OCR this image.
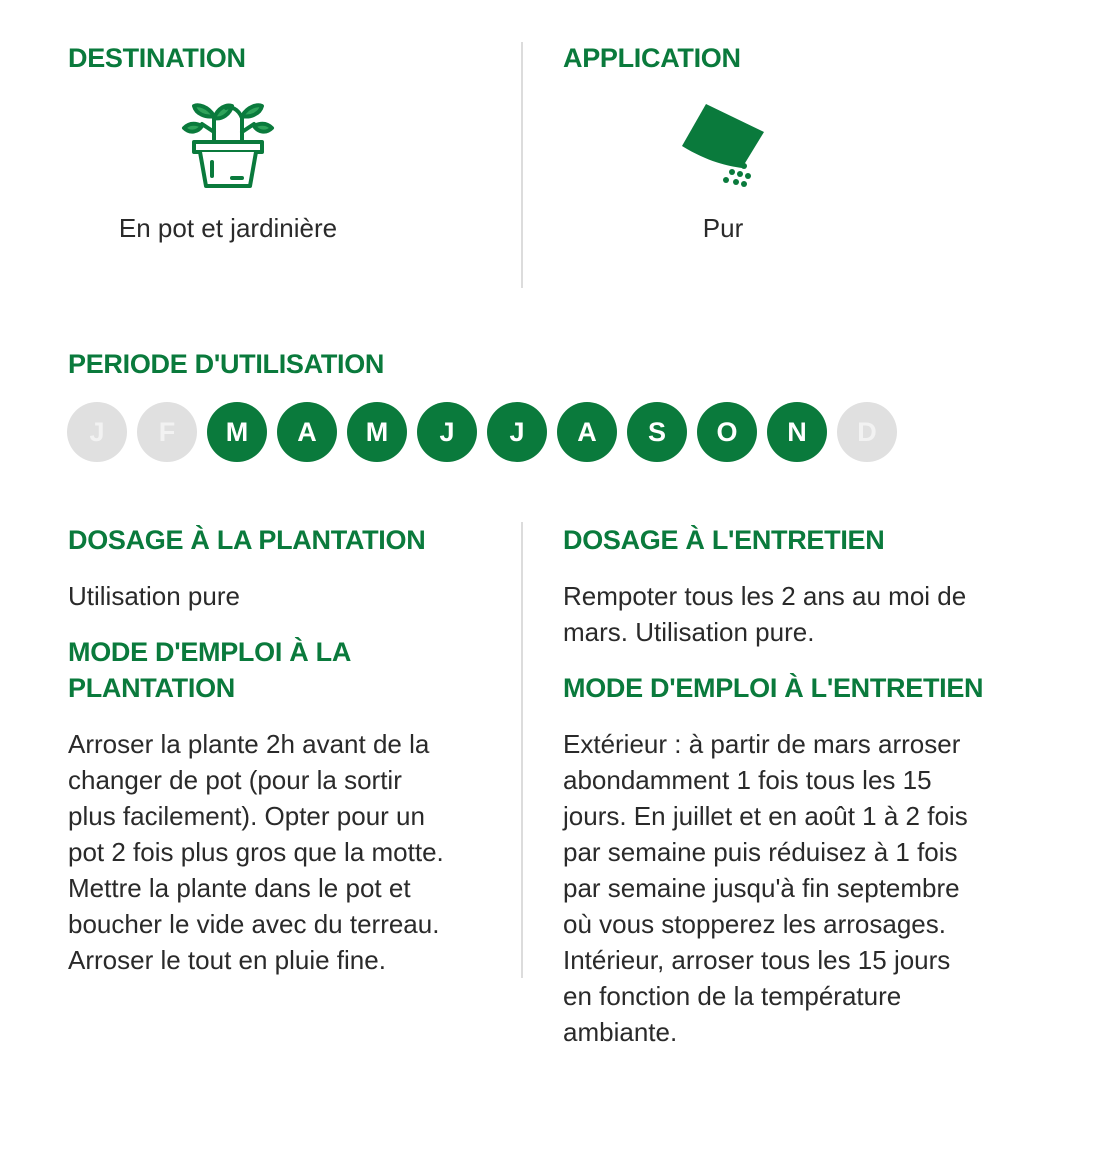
DESTINATION
En pot et jardinière
APPLICATION
Pur
PERIODE D'UTILISATION
J	F	M	A	M	J	J	A	S	O	N	D
DOSAGE À LA PLANTATION
Utilisation pure
MODE D'EMPLOI À LA
PLANTATION
Arroser la plante 2h avant de la
changer de pot (pour la sortir
plus facilement). Opter pour un
pot 2 fois plus gros que la motte.
Mettre la plante dans le pot et
boucher le vide avec du terreau.
Arroser le tout en pluie fine.
DOSAGE À L'ENTRETIEN
Rempoter tous les 2 ans au moi de
mars. Utilisation pure.
MODE D'EMPLOI À L'ENTRETIEN
Extérieur : à partir de mars arroser
abondamment 1 fois tous les 15
jours. En juillet et en août 1 à 2 fois
par semaine puis réduisez à 1 fois
par semaine jusqu'à fin septembre
où vous stopperez les arrosages.
Intérieur, arroser tous les 15 jours
en fonction de la température
ambiante.
